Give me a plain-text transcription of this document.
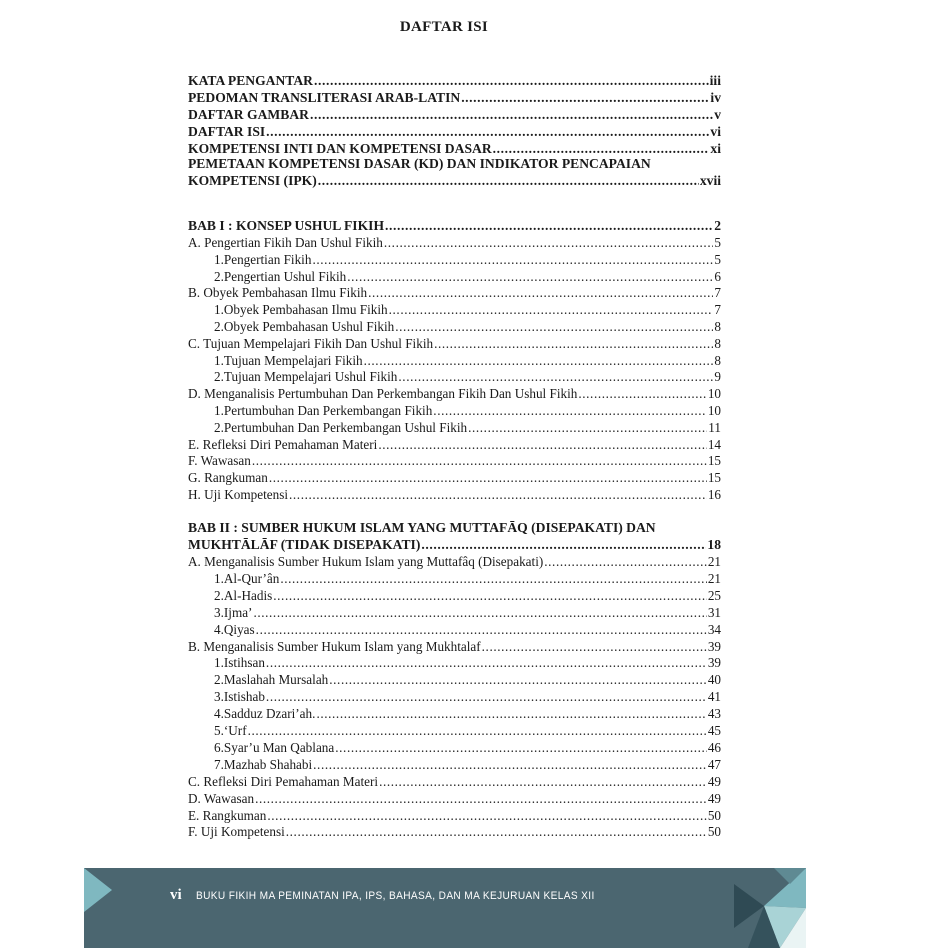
DAFTAR ISI
KATA PENGANTAR .....	iii
PEDOMAN TRANSLITERASI ARAB-LATIN .....	iv
DAFTAR GAMBAR .....	v
DAFTAR ISI .....	vi
KOMPETENSI INTI DAN KOMPETENSI DASAR .....	xi
PEMETAAN KOMPETENSI DASAR (KD) DAN INDIKATOR PENCAPAIAN
KOMPETENSI (IPK) .....	xvii
BAB I : KONSEP USHUL FIKIH .....	2
A. Pengertian Fikih Dan Ushul Fikih .....	5
1. Pengertian Fikih .....	5
2. Pengertian Ushul Fikih .....	6
B. Obyek Pembahasan Ilmu Fikih .....	7
1. Obyek Pembahasan Ilmu Fikih .....	7
2. Obyek Pembahasan Ushul Fikih .....	8
C. Tujuan Mempelajari Fikih Dan Ushul Fikih .....	8
1. Tujuan Mempelajari Fikih .....	8
2. Tujuan Mempelajari Ushul Fikih .....	9
D. Menganalisis Pertumbuhan Dan Perkembangan Fikih Dan Ushul Fikih .....	10
1. Pertumbuhan Dan Perkembangan Fikih .....	10
2. Pertumbuhan Dan Perkembangan Ushul Fikih .....	11
E. Refleksi Diri Pemahaman Materi .....	14
F. Wawasan .....	15
G. Rangkuman .....	15
H. Uji Kompetensi .....	16
BAB II : SUMBER HUKUM ISLAM YANG MUTTAFĀQ (DISEPAKATI) DAN
MUKHTĀLĀF (TIDAK DISEPAKATI) .....	18
A. Menganalisis Sumber Hukum Islam yang Muttafâq (Disepakati) .....	21
1. Al-Qur’ân .....	21
2. Al-Hadis .....	25
3. Ijma’ .....	31
4. Qiyas .....	34
B. Menganalisis Sumber Hukum Islam yang Mukhtalaf .....	39
1. Istihsan .....	39
2. Maslahah Mursalah .....	40
3. Istishab .....	41
4. Sadduz Dzari’ah. .....	43
5. ‘Urf .....	45
6. Syar’u Man Qablana .....	46
7. Mazhab Shahabi .....	47
C. Refleksi Diri Pemahaman Materi .....	49
D. Wawasan .....	49
E. Rangkuman .....	50
F. Uji Kompetensi .....	50
vi BUKU FIKIH MA PEMINATAN IPA, IPS, BAHASA, DAN MA KEJURUAN KELAS XII
